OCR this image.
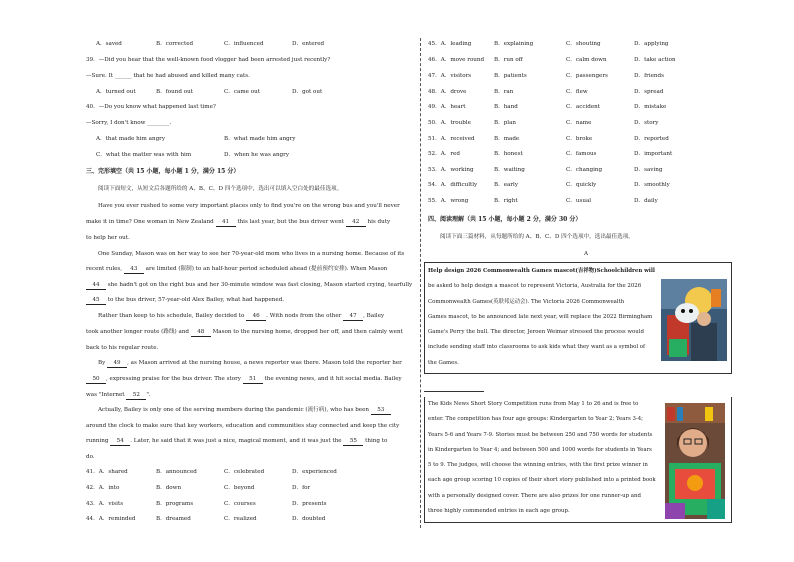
A．saved	B．corrected	C．influenced	D．entered
39．—Did you hear that the well-known food vlogger had been arrested just recently?
—Sure. It ______ that he had abused and killed many cats.
A．turned out	B．found out	C．came out	D．got out
40．—Do you know what happened last time?
—Sorry, I don't know ________.
A．that made him angry	B．what made him angry
C．what the matter was with him	D．when he was angry
三、完形填空（共 15 小题，每小题 1 分，满分 15 分）
阅读下面短文，从短文后各题所给的 A、B、C、D 四个选项中，选出可以填入空白处的最佳选项。
Have you ever rushed to some very important places only to find you're on the wrong bus and you'll never
make it in time? One woman in New Zealand 41 this last year, but the bus driver went 42 his duty
to help her out.
One Sunday, Mason was on her way to see her 70-year-old mom who lives in a nursing home. Because of its
recent rules, 43 are limited (限制) to an half-hour period scheduled ahead (提前预约安排). When Mason
44 she hadn't got on the right bus and her 30-minute window was fast closing, Mason started crying, tearfully
45 to the bus driver, 57-year-old Alex Bailey, what had happened.
Rather than keep to his schedule, Bailey decided to 46 . With nods from the other 47 , Bailey
took another longer route (路线) and 48 Mason to the nursing home, dropped her off, and then calmly went
back to his regular route.
By 49 , as Mason arrived at the nursing house, a news reporter was there. Mason told the reporter her
50 , expressing praise for the bus driver. The story 51 the evening news, and it hit social media. Bailey
was "Internet 52 ".
Actually, Bailey is only one of the serving members during the pandemic (流行病), who has been 53
around the clock to make sure that key workers, education and communities stay connected and keep the city
running 54 . Later, he said that it was just a nice, magical moment, and it was just the 55 thing to
do.
41．A．shared	B．announced	C．celebrated	D．experienced
42．A．into	B．down	C．beyond	D．for
43．A．visits	B．programs	C．courses	D．presents
44．A．reminded	B．dreamed	C．realized	D．doubted
45．A．leading	B．explaining	C．shouting	D．applying
46．A．move round B．run off	C．calm down	D．take action
47．A．visitors	B．patients	C．passengers	D．friends
48．A．drove	B．ran	C．flew	D．spread
49．A．heart	B．hand	C．accident	D．mistake
50．A．trouble	B．plan	C．name	D．story
51．A．received	B．made	C．broke	D．reported
52．A．red	B．honest	C．famous	D．important
53．A．working	B．waiting	C．changing	D．saving
54．A．difficultly	B．early	C．quickly	D．smoothly
55．A．wrong	B．right	C．usual	D．daily
四、阅读理解（共 15 小题，每小题 2 分，满分 30 分）
阅读下面三篇材料，从每题所给的 A、B、C、D 四个选项中，选出最佳选项。
A
Help design 2026 Commonwealth Games mascot(吉祥物)Schoolchildren will
be asked to help design a mascot to represent Victoria, Australia for the 2026
Commonwealth Games(英联邦运动会). The Victoria 2026 Commonwealth
Games mascot, to be announced late next year, will replace the 2022 Birmingham
Game's Perry the bull. The director, Jeroen Weimar stressed the process would
include sending staff into classrooms to ask kids what they want as a symbol of
the Games.
The Kids News Short Story Competition runs from May 1 to 26 and is free to
enter. The competition has four age groups: Kindergarten to Year 2; Years 3-4;
Years 5-6 and Years 7-9. Stories must be between 250 and 750 words for students
in Kindergarten to Year 4; and between 500 and 1000 words for students in Years
5 to 9. The judges, will choose the winning entries, with the first prize winner in
each age group scoring 10 copies of their short story published into a printed book
with a personally designed cover. There are also prizes for one runner-up and
three highly commended entries in each age group.
